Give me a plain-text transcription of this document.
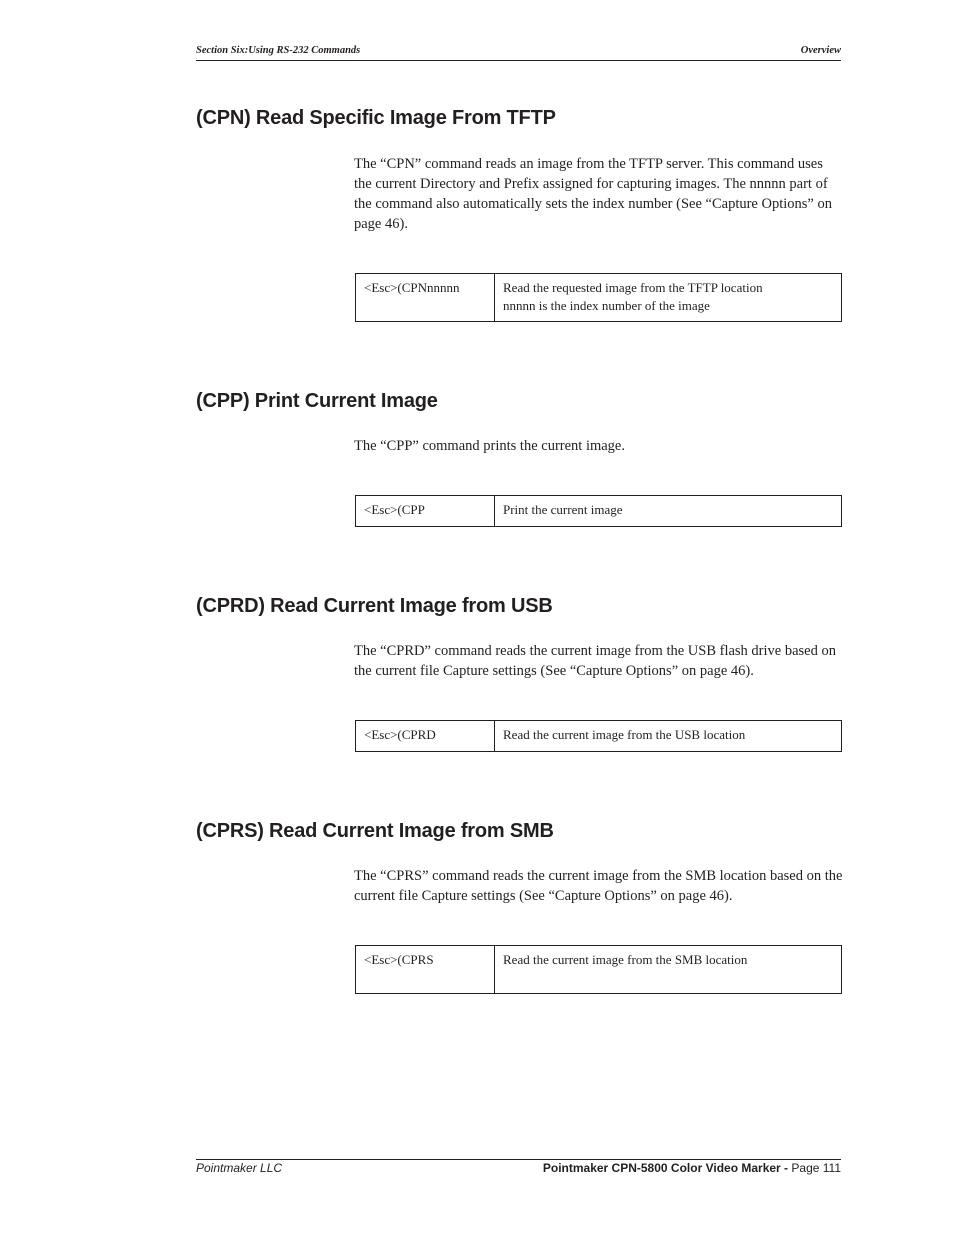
Section Six:Using RS-232 Commands	Overview
(CPN) Read Specific Image From TFTP

The “CPN” command reads an image from the TFTP server. This command uses the current Directory and Prefix assigned for capturing images. The nnnnn part of the command also automatically sets the index number (See “Capture Options” on page 46).

<Esc>(CPNnnnnn	Read the requested image from the TFTP location
nnnnn is the index number of the image
(CPP) Print Current Image

The “CPP” command prints the current image.

<Esc>(CPP	Print the current image
(CPRD) Read Current Image from USB

The “CPRD” command reads the current image from the USB flash drive based on the current file Capture settings (See “Capture Options” on page 46).

<Esc>(CPRD	Read the current image from the USB location
(CPRS) Read Current Image from SMB

The “CPRS” command reads the current image from the SMB location based on the current file Capture settings (See “Capture Options” on page 46).

<Esc>(CPRS	Read the current image from the SMB location
Pointmaker LLC	Pointmaker CPN-5800 Color Video Marker - Page 111
